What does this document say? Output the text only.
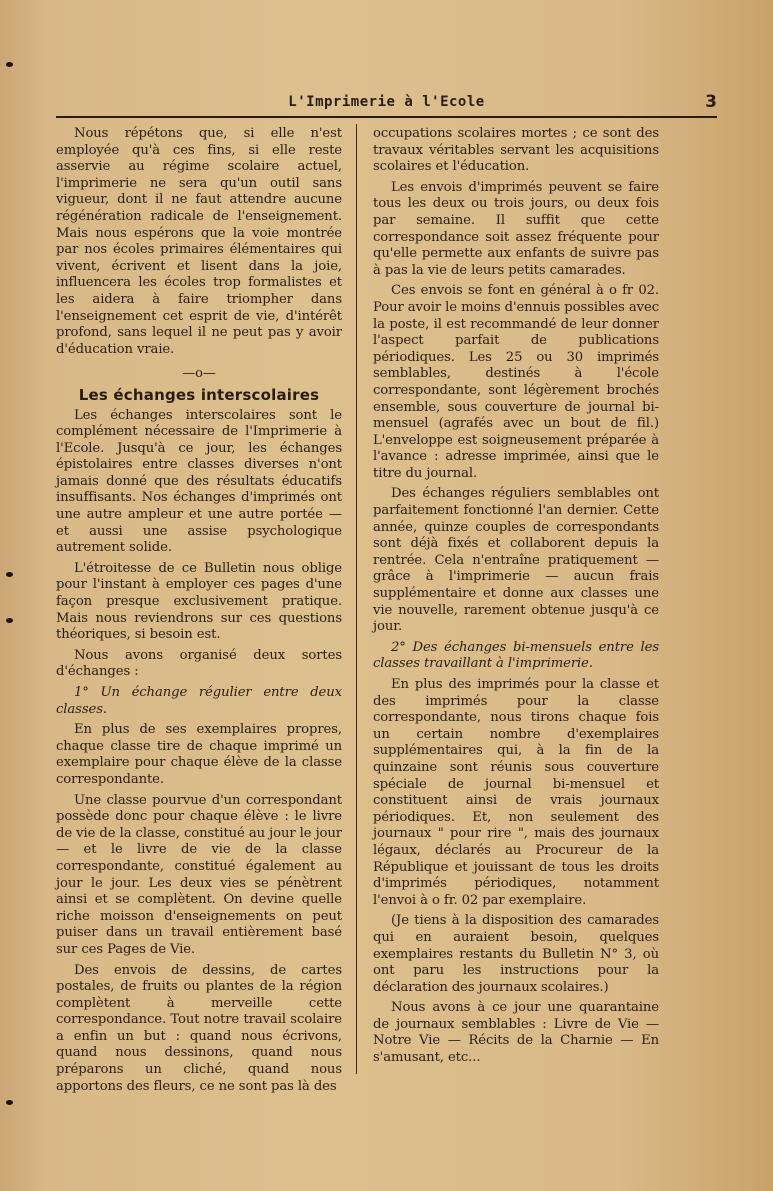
L'Imprimerie à l'Ecole	3

Nous répétons que, si elle n'est employée qu'à ces fins, si elle reste asservie au régime scolaire actuel, l'imprimerie ne sera qu'un outil sans vigueur, dont il ne faut attendre aucune régénération radicale de l'enseignement. Mais nous espérons que la voie montrée par nos écoles primaires élémentaires qui vivent, écrivent et lisent dans la joie, influencera les écoles trop formalistes et les aidera à faire triompher dans l'enseignement cet esprit de vie, d'intérêt profond, sans lequel il ne peut pas y avoir d'éducation vraie.

—o—
Les échanges interscolaires

Les échanges interscolaires sont le complément nécessaire de l'Imprimerie à l'Ecole. Jusqu'à ce jour, les échanges épistolaires entre classes diverses n'ont jamais donné que des résultats éducatifs insuffisants. Nos échanges d'imprimés ont une autre ampleur et une autre portée — et aussi une assise psychologique autrement solide.

L'étroitesse de ce Bulletin nous oblige pour l'instant à employer ces pages d'une façon presque exclusivement pratique. Mais nous reviendrons sur ces questions théoriques, si besoin est.

Nous avons organisé deux sortes d'échanges :

1° Un échange régulier entre deux classes.

En plus de ses exemplaires propres, chaque classe tire de chaque imprimé un exemplaire pour chaque élève de la classe correspondante.

Une classe pourvue d'un correspondant possède donc pour chaque élève : le livre de vie de la classe, constitué au jour le jour — et le livre de vie de la classe correspondante, constitué également au jour le jour. Les deux vies se pénètrent ainsi et se complètent. On devine quelle riche moisson d'enseignements on peut puiser dans un travail entièrement basé sur ces Pages de Vie.

Des envois de dessins, de cartes postales, de fruits ou plantes de la région complètent à merveille cette correspondance. Tout notre travail scolaire a enfin un but : quand nous écrivons, quand nous dessinons, quand nous préparons un cliché, quand nous apportons des fleurs, ce ne sont pas là des

occupations scolaires mortes ; ce sont des travaux véritables servant les acquisitions scolaires et l'éducation.

Les envois d'imprimés peuvent se faire tous les deux ou trois jours, ou deux fois par semaine. Il suffit que cette correspondance soit assez fréquente pour qu'elle permette aux enfants de suivre pas à pas la vie de leurs petits camarades.

Ces envois se font en général à o fr 02. Pour avoir le moins d'ennuis possibles avec la poste, il est recommandé de leur donner l'aspect parfait de publications périodiques. Les 25 ou 30 imprimés semblables, destinés à l'école correspondante, sont légèrement brochés ensemble, sous couverture de journal bi-mensuel (agrafés avec un bout de fil.) L'enveloppe est soigneusement préparée à l'avance : adresse imprimée, ainsi que le titre du journal.

Des échanges réguliers semblables ont parfaitement fonctionné l'an dernier. Cette année, quinze couples de correspondants sont déjà fixés et collaborent depuis la rentrée. Cela n'entraîne pratiquement — grâce à l'imprimerie — aucun frais supplémentaire et donne aux classes une vie nouvelle, rarement obtenue jusqu'à ce jour.

2° Des échanges bi-mensuels entre les classes travaillant à l'imprimerie.

En plus des imprimés pour la classe et des imprimés pour la classe correspondante, nous tirons chaque fois un certain nombre d'exemplaires supplémentaires qui, à la fin de la quinzaine sont réunis sous couverture spéciale de journal bi-mensuel et constituent ainsi de vrais journaux périodiques. Et, non seulement des journaux " pour rire ", mais des journaux légaux, déclarés au Procureur de la République et jouissant de tous les droits d'imprimés périodiques, notamment l'envoi à o fr. 02 par exemplaire.

(Je tiens à la disposition des camarades qui en auraient besoin, quelques exemplaires restants du Bulletin N° 3, où ont paru les instructions pour la déclaration des journaux scolaires.)

Nous avons à ce jour une quarantaine de journaux semblables : Livre de Vie — Notre Vie — Récits de la Charnie — En s'amusant, etc...
